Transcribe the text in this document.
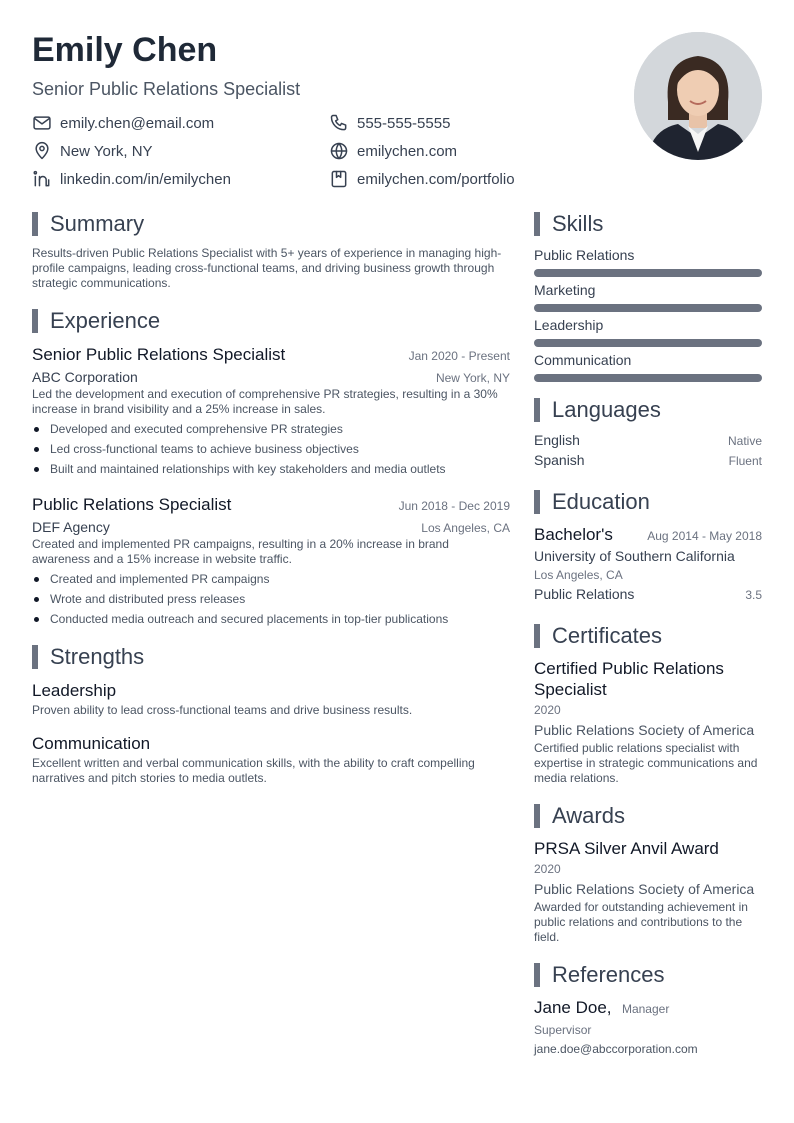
Emily Chen
Senior Public Relations Specialist
emily.chen@email.com	555-555-5555
New York, NY	emilychen.com
linkedin.com/in/emilychen	emilychen.com/portfolio
Summary
Results-driven Public Relations Specialist with 5+ years of experience in managing high-profile campaigns, leading cross-functional teams, and driving business growth through strategic communications.
Experience
Senior Public Relations Specialist	Jan 2020 - Present
ABC Corporation	New York, NY
Led the development and execution of comprehensive PR strategies, resulting in a 30% increase in brand visibility and a 25% increase in sales.
Developed and executed comprehensive PR strategies
Led cross-functional teams to achieve business objectives
Built and maintained relationships with key stakeholders and media outlets
Public Relations Specialist	Jun 2018 - Dec 2019
DEF Agency	Los Angeles, CA
Created and implemented PR campaigns, resulting in a 20% increase in brand awareness and a 15% increase in website traffic.
Created and implemented PR campaigns
Wrote and distributed press releases
Conducted media outreach and secured placements in top-tier publications
Strengths
Leadership
Proven ability to lead cross-functional teams and drive business results.
Communication
Excellent written and verbal communication skills, with the ability to craft compelling narratives and pitch stories to media outlets.
Skills
Public Relations
Marketing
Leadership
Communication
Languages
English	Native
Spanish	Fluent
Education
Bachelor's	Aug 2014 - May 2018
University of Southern California
Los Angeles, CA
Public Relations	3.5
Certificates
Certified Public Relations Specialist
2020
Public Relations Society of America
Certified public relations specialist with expertise in strategic communications and media relations.
Awards
PRSA Silver Anvil Award
2020
Public Relations Society of America
Awarded for outstanding achievement in public relations and contributions to the field.
References
Jane Doe, Manager
Supervisor
jane.doe@abccorporation.com
